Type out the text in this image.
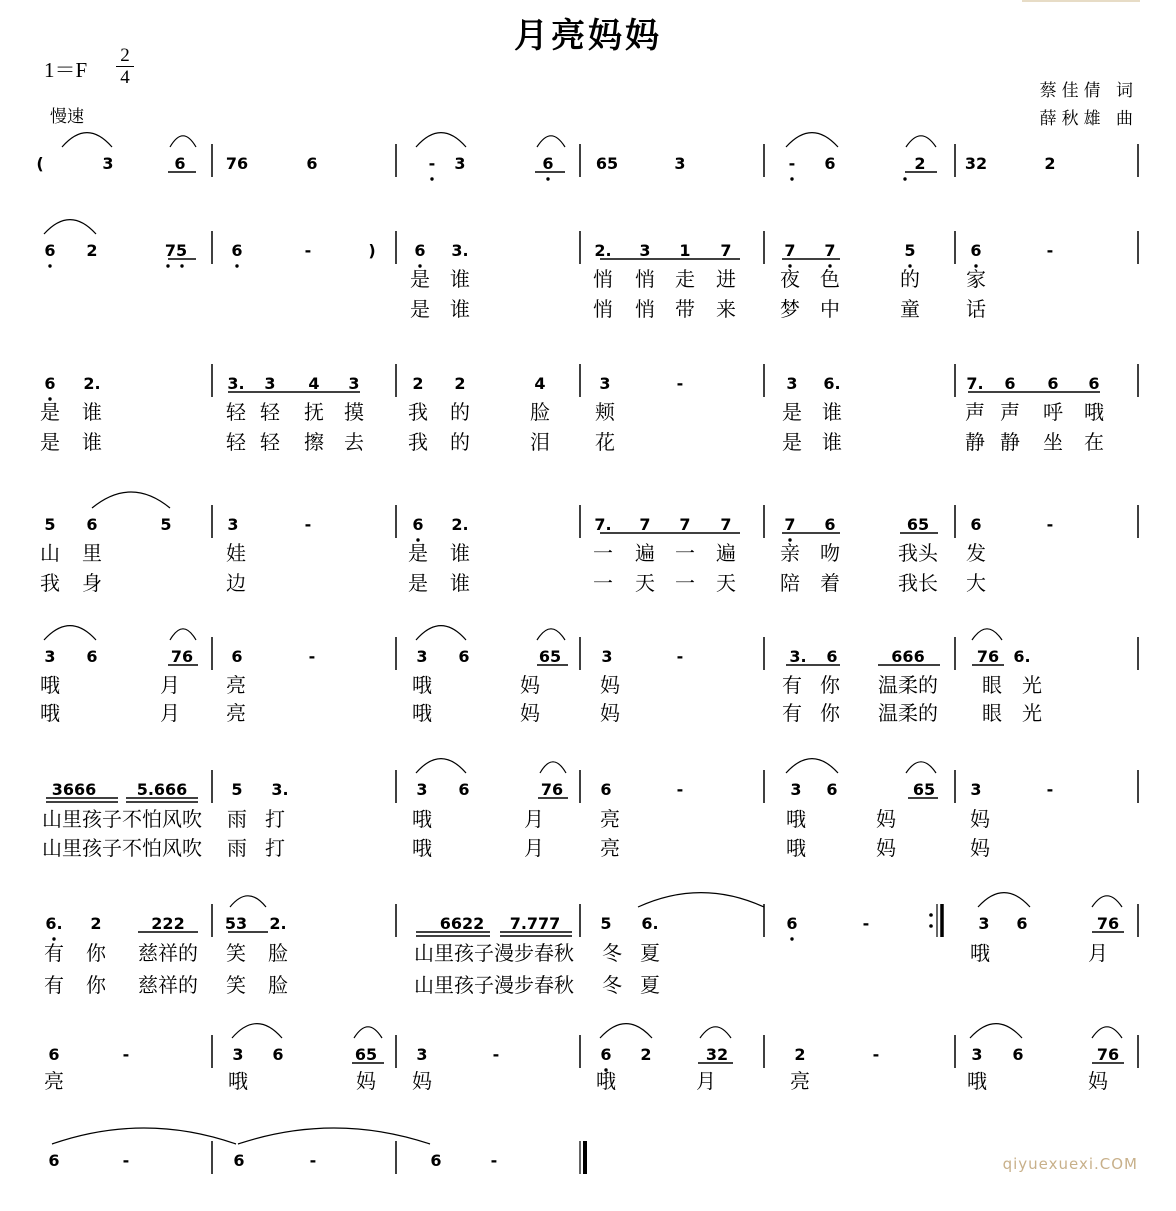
月亮妈妈
1＝F
2
4
慢速
蔡佳倩 词
薛秋雄 曲
(	3	6	76	6	- 3	6	65	3	- 6	2 32	2
6 2	75	6	-	) 6 3.	2. 3 1 7	7 7	5	6	-
是 谁	悄 悄 走 进 夜 色	的 家
是 谁	悄 悄 带 来 梦 中	童 话
6 2.	3. 3 4 3	2 2	4	3	-	3 6.	7. 6 6 6
是 谁	轻 轻 抚 摸 我 的	脸 颊	是 谁	声 声 呼 哦
是 谁	轻 轻 擦 去 我 的	泪 花	是 谁	静 静 坐 在
5 6	5	3	-	6 2.	7. 7 7 7	7 6	65	6	-
山 里	娃	是 谁	一 遍 一 遍 亲 吻	我头 发
我 身	边	是 谁	一 天 一 天 陪 着	我长 大
3 6	76 6	-	3 6	65	3	-	3. 6	666	76 6.
哦	月 亮	哦	妈	妈	有 你 温柔的 眼 光
哦	月 亮	哦	妈	妈	有 你 温柔的 眼 光
3666	5.666	5 3.	3 6	76 6	-	3 6	65 3	-
山里孩子不怕风吹 雨 打	哦	月	亮	哦	妈	妈
山里孩子不怕风吹 雨 打	哦	月	亮	哦	妈	妈
6. 2	222	53 2.	6622 7.777	5 6.	6	-	3 6	76
有 你 慈祥的 笑 脸	山里孩子漫步春秋 冬 夏	哦	月
有 你 慈祥的 笑 脸	山里孩子漫步春秋 冬 夏
6	-	3 6	65 3	-	6 2	32	2	-	3 6	76
亮	哦	妈 妈	哦	月	亮	哦	妈
6	-	6	-	6	-	qiyuexuexi.COM
